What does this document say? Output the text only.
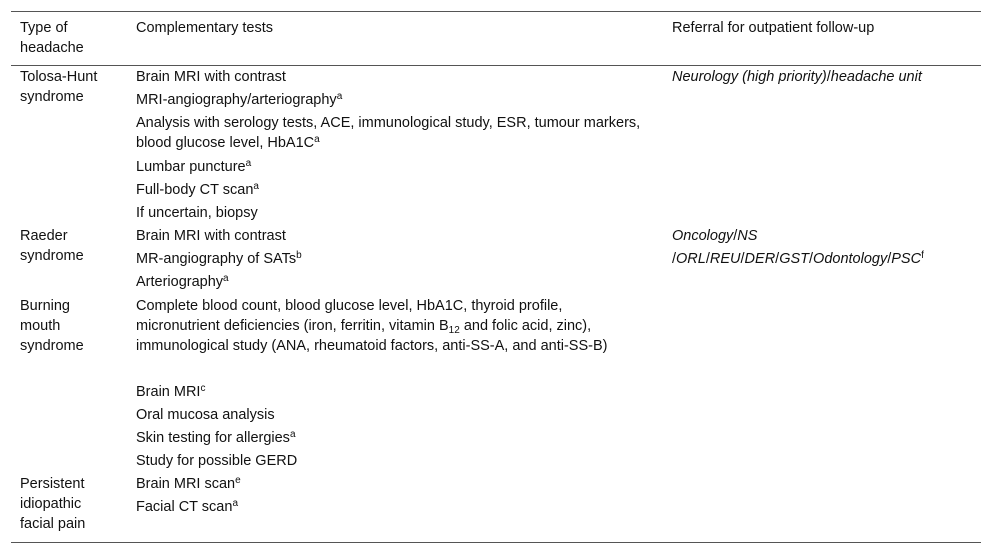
Type of headache
Complementary tests	Referral for outpatient follow-up
Tolosa-Hunt syndrome
Brain MRI with contrast
MRI-angiography/arteriography$^a$
Analysis with serology tests, ACE, immunological study, ESR, tumour markers, blood glucose level, $HbA1C^a$
Lumbar puncture$^a$
Full-body CT scan$^a$
If uncertain, biopsy
Neurology (high priority)/headache unit
Raeder syndrome
Brain MRI with contrast
MR-angiography of SATs$^b$
Arteriography$^a$
Oncology/NS
/ORL/REU/DER/GST/Odontology/PSC$^f$
Burning mouth syndrome
Complete blood count, blood glucose level, HbA1C, thyroid profile, micronutrient deficiencies (iron, ferritin, vitamin $B_{12}$ and folic acid, zinc), immunological study (ANA, rheumatoid factors, anti-SS-A, and anti-SS-B)
Brain MRI$^c$
Oral mucosa analysis
Skin testing for allergies$^a$
Study for possible GERD
Persistent idiopathic facial pain
Brain MRI scan$^e$
Facial CT scan$^a$
